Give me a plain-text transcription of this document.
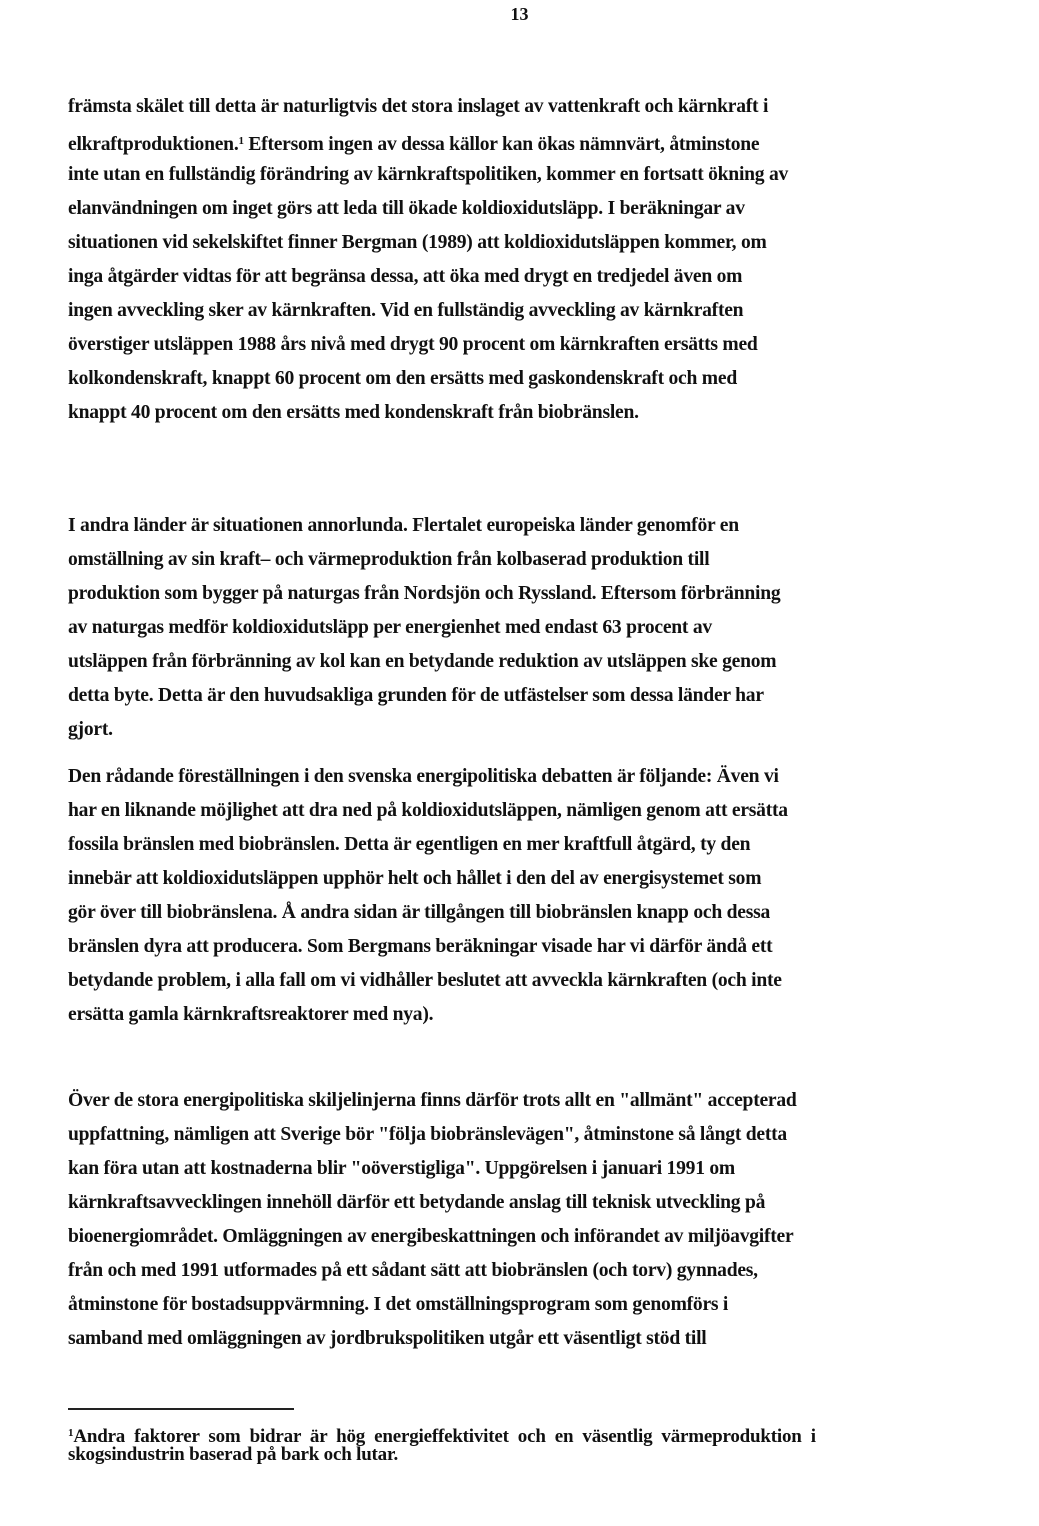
13
främsta skälet till detta är naturligtvis det stora inslaget av vattenkraft och kärnkraft i
elkraftproduktionen.$^1$ Eftersom ingen av dessa källor kan ökas nämnvärt, åtminstone
inte utan en fullständig förändring av kärnkraftspolitiken, kommer en fortsatt ökning av
elanvändningen om inget görs att leda till ökade koldioxidutsläpp. I beräkningar av
situationen vid sekelskiftet finner Bergman (1989) att koldioxidutsläppen kommer, om
inga åtgärder vidtas för att begränsa dessa, att öka med drygt en tredjedel även om
ingen avveckling sker av kärnkraften. Vid en fullständig avveckling av kärnkraften
överstiger utsläppen 1988 års nivå med drygt 90 procent om kärnkraften ersätts med
kolkondenskraft, knappt 60 procent om den ersätts med gaskondenskraft och med
knappt 40 procent om den ersätts med kondenskraft från biobränslen.
I andra länder är situationen annorlunda. Flertalet europeiska länder genomför en
omställning av sin kraft– och värmeproduktion från kolbaserad produktion till
produktion som bygger på naturgas från Nordsjön och Ryssland. Eftersom förbränning
av naturgas medför koldioxidutsläpp per energienhet med endast 63 procent av
utsläppen från förbränning av kol kan en betydande reduktion av utsläppen ske genom
detta byte. Detta är den huvudsakliga grunden för de utfästelser som dessa länder har
gjort.
Den rådande föreställningen i den svenska energipolitiska debatten är följande: Även vi
har en liknande möjlighet att dra ned på koldioxidutsläppen, nämligen genom att ersätta
fossila bränslen med biobränslen. Detta är egentligen en mer kraftfull åtgärd, ty den
innebär att koldioxidutsläppen upphör helt och hållet i den del av energisystemet som
gör över till biobränslena. Å andra sidan är tillgången till biobränslen knapp och dessa
bränslen dyra att producera. Som Bergmans beräkningar visade har vi därför ändå ett
betydande problem, i alla fall om vi vidhåller beslutet att avveckla kärnkraften (och inte
ersätta gamla kärnkraftsreaktorer med nya).
Över de stora energipolitiska skiljelinjerna finns därför trots allt en "allmänt" accepterad
uppfattning, nämligen att Sverige bör "följa biobränslevägen", åtminstone så långt detta
kan föra utan att kostnaderna blir "oöverstigliga". Uppgörelsen i januari 1991 om
kärnkraftsavvecklingen innehöll därför ett betydande anslag till teknisk utveckling på
bioenergiområdet. Omläggningen av energibeskattningen och införandet av miljöavgifter
från och med 1991 utformades på ett sådant sätt att biobränslen (och torv) gynnades,
åtminstone för bostadsuppvärmning. I det omställningsprogram som genomförs i
samband med omläggningen av jordbrukspolitiken utgår ett väsentligt stöd till
$^1$Andra faktorer som bidrar är hög energieffektivitet och en väsentlig värmeproduktion i
skogsindustrin baserad på bark och lutar.
